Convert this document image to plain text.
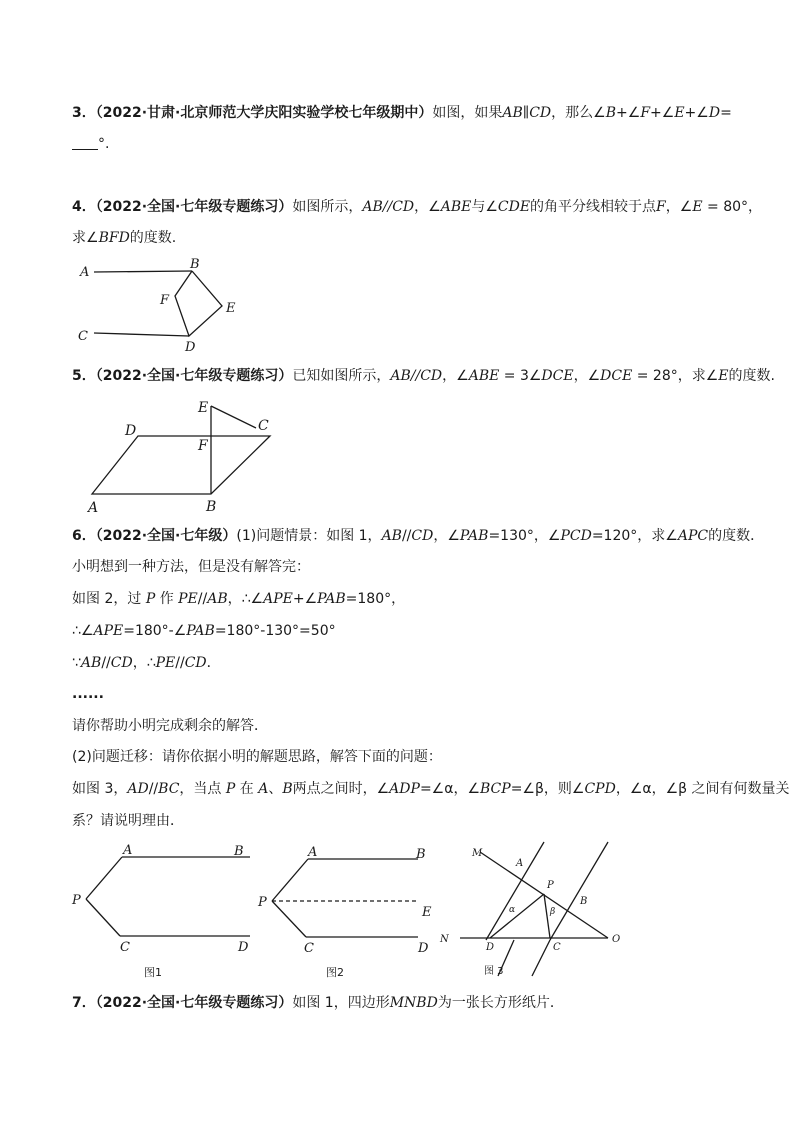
3．（2022·甘肃·北京师范大学庆阳实验学校七年级期中）如图，如果AB∥CD，那么∠B+∠F+∠E+∠D=
°.
4．（2022·全国·七年级专题练习）如图所示，AB//CD，∠ABE与∠CDE的角平分线相较于点F，∠E = 80°，
求∠BFD的度数.
A
B
F
E
C
D
5．（2022·全国·七年级专题练习）已知如图所示，AB//CD，∠ABE = 3∠DCE，∠DCE = 28°，求∠E的度数.
A	B
C
D
E
F
6．（2022·全国·七年级）(1)问题情景：如图 1，AB//CD，∠PAB=130°，∠PCD=120°，求∠APC的度数．
小明想到一种方法，但是没有解答完：
如图 2，过 P 作 PE//AB，∴∠APE+∠PAB=180°，
∴∠APE=180°-∠PAB=180°-130°=50°
∵AB//CD，∴PE//CD．
......
请你帮助小明完成剩余的解答．
(2)问题迁移：请你依据小明的解题思路，解答下面的问题：
如图 3，AD//BC，当点 P 在 A、B两点之间时，∠ADP=∠α，∠BCP=∠β，则∠CPD，∠α，∠β 之间有何数量关
系？请说明理由．
A	B
P
C	D
图1
A	B
P
E
C	D
图2
M
A
P
B
N
D	C
O
α	β
图 3
7．（2022·全国·七年级专题练习）如图 1，四边形MNBD为一张长方形纸片．
